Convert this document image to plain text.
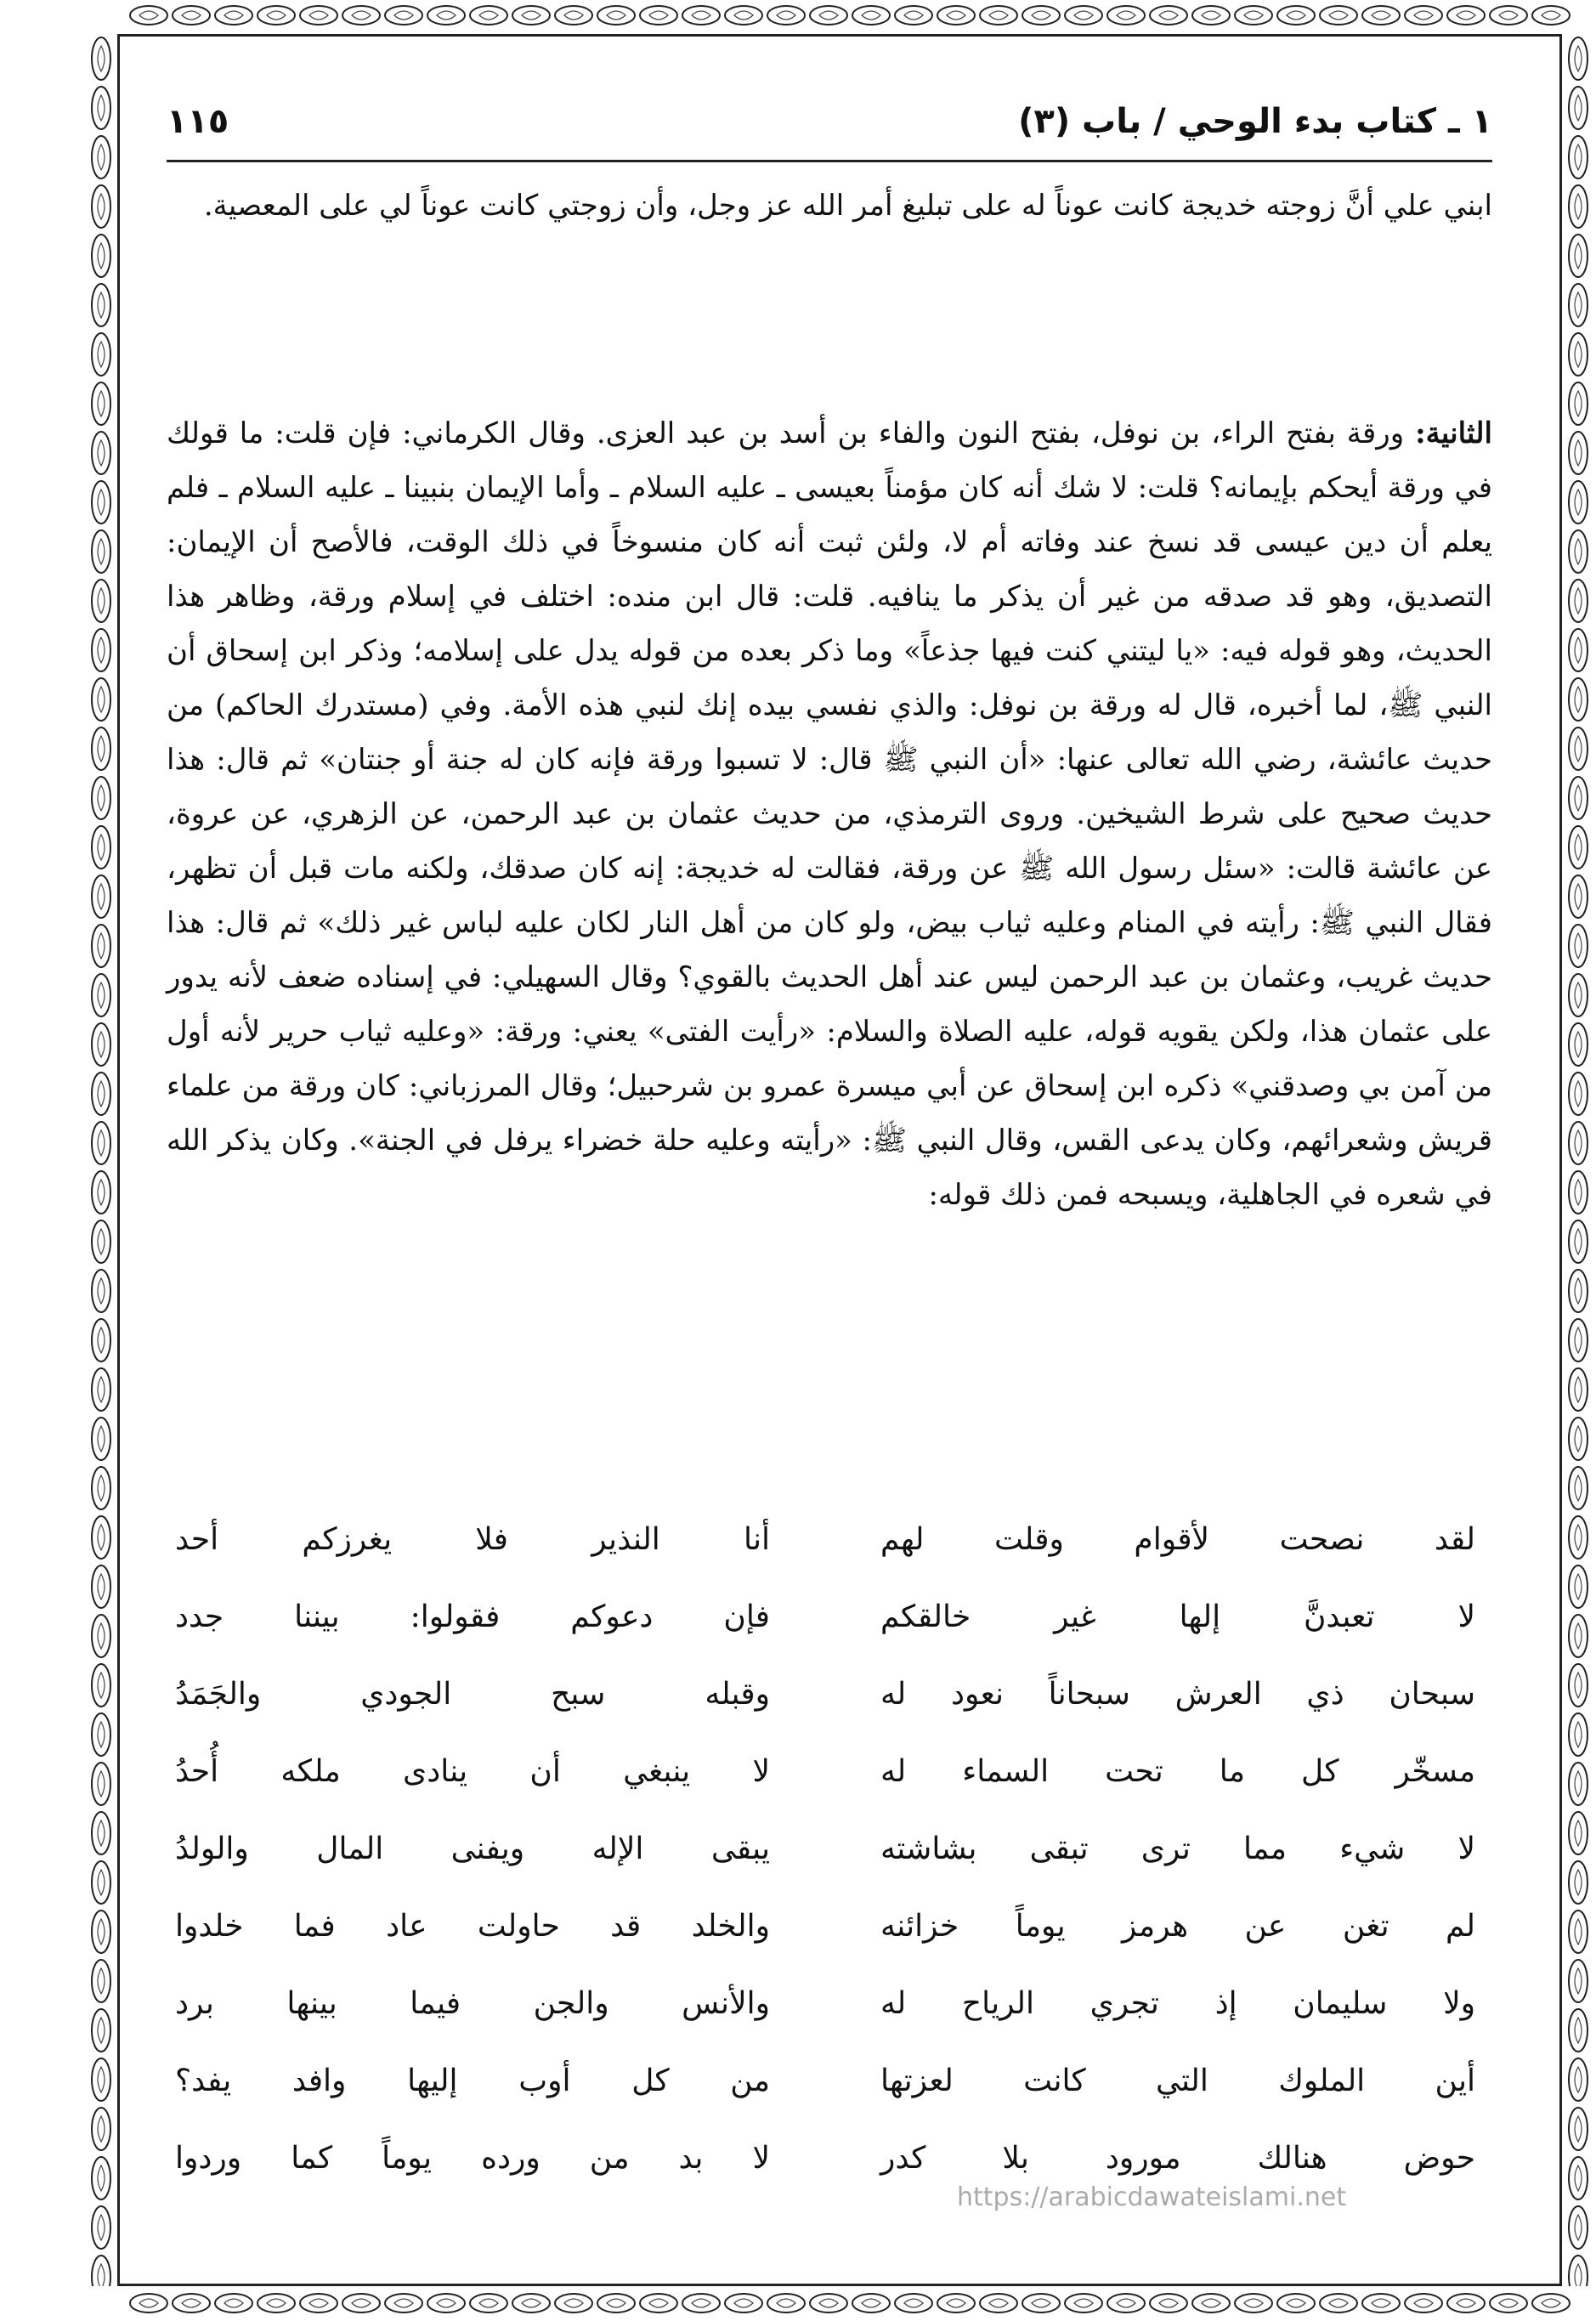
١ ـ كتاب بدء الوحي / باب (٣)
١١٥

ابني علي أنَّ زوجته خديجة كانت عوناً له على تبليغ أمر الله عز وجل، وأن زوجتي كانت عوناً لي على المعصية.

الثانية: ورقة بفتح الراء، بن نوفل، بفتح النون والفاء بن أسد بن عبد العزى. وقال الكرماني: فإن قلت: ما قولك في ورقة أيحكم بإيمانه؟ قلت: لا شك أنه كان مؤمناً بعيسى ـ عليه السلام ـ وأما الإيمان بنبينا ـ عليه السلام ـ فلم يعلم أن دين عيسى قد نسخ عند وفاته أم لا، ولئن ثبت أنه كان منسوخاً في ذلك الوقت، فالأصح أن الإيمان: التصديق، وهو قد صدقه من غير أن يذكر ما ينافيه. قلت: قال ابن منده: اختلف في إسلام ورقة، وظاهر هذا الحديث، وهو قوله فيه: «يا ليتني كنت فيها جذعاً» وما ذكر بعده من قوله يدل على إسلامه؛ وذكر ابن إسحاق أن النبي ﷺ، لما أخبره، قال له ورقة بن نوفل: والذي نفسي بيده إنك لنبي هذه الأمة. وفي (مستدرك الحاكم) من حديث عائشة، رضي الله تعالى عنها: «أن النبي ﷺ قال: لا تسبوا ورقة فإنه كان له جنة أو جنتان» ثم قال: هذا حديث صحيح على شرط الشيخين. وروى الترمذي، من حديث عثمان بن عبد الرحمن، عن الزهري، عن عروة، عن عائشة قالت: «سئل رسول الله ﷺ عن ورقة، فقالت له خديجة: إنه كان صدقك، ولكنه مات قبل أن تظهر، فقال النبي ﷺ: رأيته في المنام وعليه ثياب بيض، ولو كان من أهل النار لكان عليه لباس غير ذلك» ثم قال: هذا حديث غريب، وعثمان بن عبد الرحمن ليس عند أهل الحديث بالقوي؟ وقال السهيلي: في إسناده ضعف لأنه يدور على عثمان هذا، ولكن يقويه قوله، عليه الصلاة والسلام: «رأيت الفتى» يعني: ورقة: «وعليه ثياب حرير لأنه أول من آمن بي وصدقني» ذكره ابن إسحاق عن أبي ميسرة عمرو بن شرحبيل؛ وقال المرزباني: كان ورقة من علماء قريش وشعرائهم، وكان يدعى القس، وقال النبي ﷺ: «رأيته وعليه حلة خضراء يرفل في الجنة». وكان يذكر الله في شعره في الجاهلية، ويسبحه فمن ذلك قوله:

لقد نصحت لأقوام وقلت لهم
أنا النذير فلا يغرزكم أحد
لا تعبدنَّ إلها غير خالقكم
فإن دعوكم فقولوا: بيننا جدد
سبحان ذي العرش سبحاناً نعود له
وقبله سبح الجودي والجَمَدُ
مسخّر كل ما تحت السماء له
لا ينبغي أن ينادى ملكه أُحدُ
لا شيء مما ترى تبقى بشاشته
يبقى الإله ويفنى المال والولدُ
لم تغن عن هرمز يوماً خزائنه
والخلد قد حاولت عاد فما خلدوا
ولا سليمان إذ تجري الرياح له
والأنس والجن فيما بينها برد
أين الملوك التي كانت لعزتها
من كل أوب إليها وافد يفد؟
حوض هنالك مورود بلا كدر
لا بد من ورده يوماً كما وردوا
https://arabicdawateislami.net
